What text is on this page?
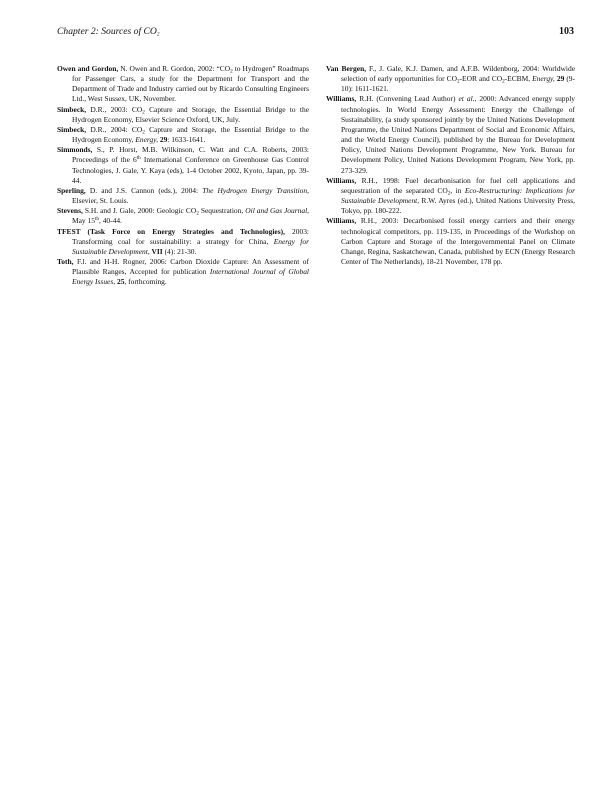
Chapter 2: Sources of $CO_2$	103

Owen and Gordon, N. Owen and R. Gordon, 2002: “$CO_2$ to Hydrogen” Roadmaps for Passenger Cars, a study for the Department for Transport and the Department of Trade and Industry carried out by Ricardo Consulting Engineers Ltd., West Sussex, UK, November.

Simbeck, D.R., 2003: $CO_2$ Capture and Storage, the Essential Bridge to the Hydrogen Economy, Elsevier Science Oxford, UK, July.

Simbeck, D.R., 2004: $CO_2$ Capture and Storage, the Essential Bridge to the Hydrogen Economy, Energy, 29: 1633-1641.

Simmonds, S., P. Horst, M.B. Wilkinson, C. Watt and C.A. Roberts, 2003: Proceedings of the 6th International Conference on Greenhouse Gas Control Technologies, J. Gale, Y. Kaya (eds), 1-4 October 2002, Kyoto, Japan, pp. 39-44.

Sperling, D. and J.S. Cannon (eds.), 2004: The Hydrogen Energy Transition, Elsevier, St. Louis.

Stevens, S.H. and J. Gale, 2000: Geologic $CO_2$ Sequestration, Oil and Gas Journal, May 15th, 40-44.

TFEST (Task Force on Energy Strategies and Technologies), 2003: Transforming coal for sustainability: a strategy for China, Energy for Sustainable Development, VII (4): 21-30.

Toth, F.l. and H-H. Rogner, 2006: Carbon Dioxide Capture: An Assessment of Plausible Ranges, Accepted for publication International Journal of Global Energy Issues, 25, forthcoming.

Van Bergen, F., J. Gale, K.J. Damen, and A.F.B. Wildenborg, 2004: Worldwide selection of early opportunities for $CO_2$-EOR and $CO_2$-ECBM, Energy, 29 (9-10): 1611-1621.

Williams, R.H. (Convening Lead Author) et al., 2000: Advanced energy supply technologies. In World Energy Assessment: Energy the Challenge of Sustainability, (a study sponsored jointly by the United Nations Development Programme, the United Nations Department of Social and Economic Affairs, and the World Energy Council), published by the Bureau for Development Policy, United Nations Development Programme, New York. Bureau for Development Policy, United Nations Development Program, New York, pp. 273-329.

Williams, R.H., 1998: Fuel decarbonisation for fuel cell applications and sequestration of the separated $CO_2$, in Eco-Restructuring: Implications for Sustainable Development, R.W. Ayres (ed.), United Nations University Press, Tokyo, pp. 180-222.

Williams, R.H., 2003: Decarbonised fossil energy carriers and their energy technological competitors, pp. 119-135, in Proceedings of the Workshop on Carbon Capture and Storage of the Intergovernmental Panel on Climate Change, Regina, Saskatchewan, Canada, published by ECN (Energy Research Center of The Netherlands), 18-21 November, 178 pp.
